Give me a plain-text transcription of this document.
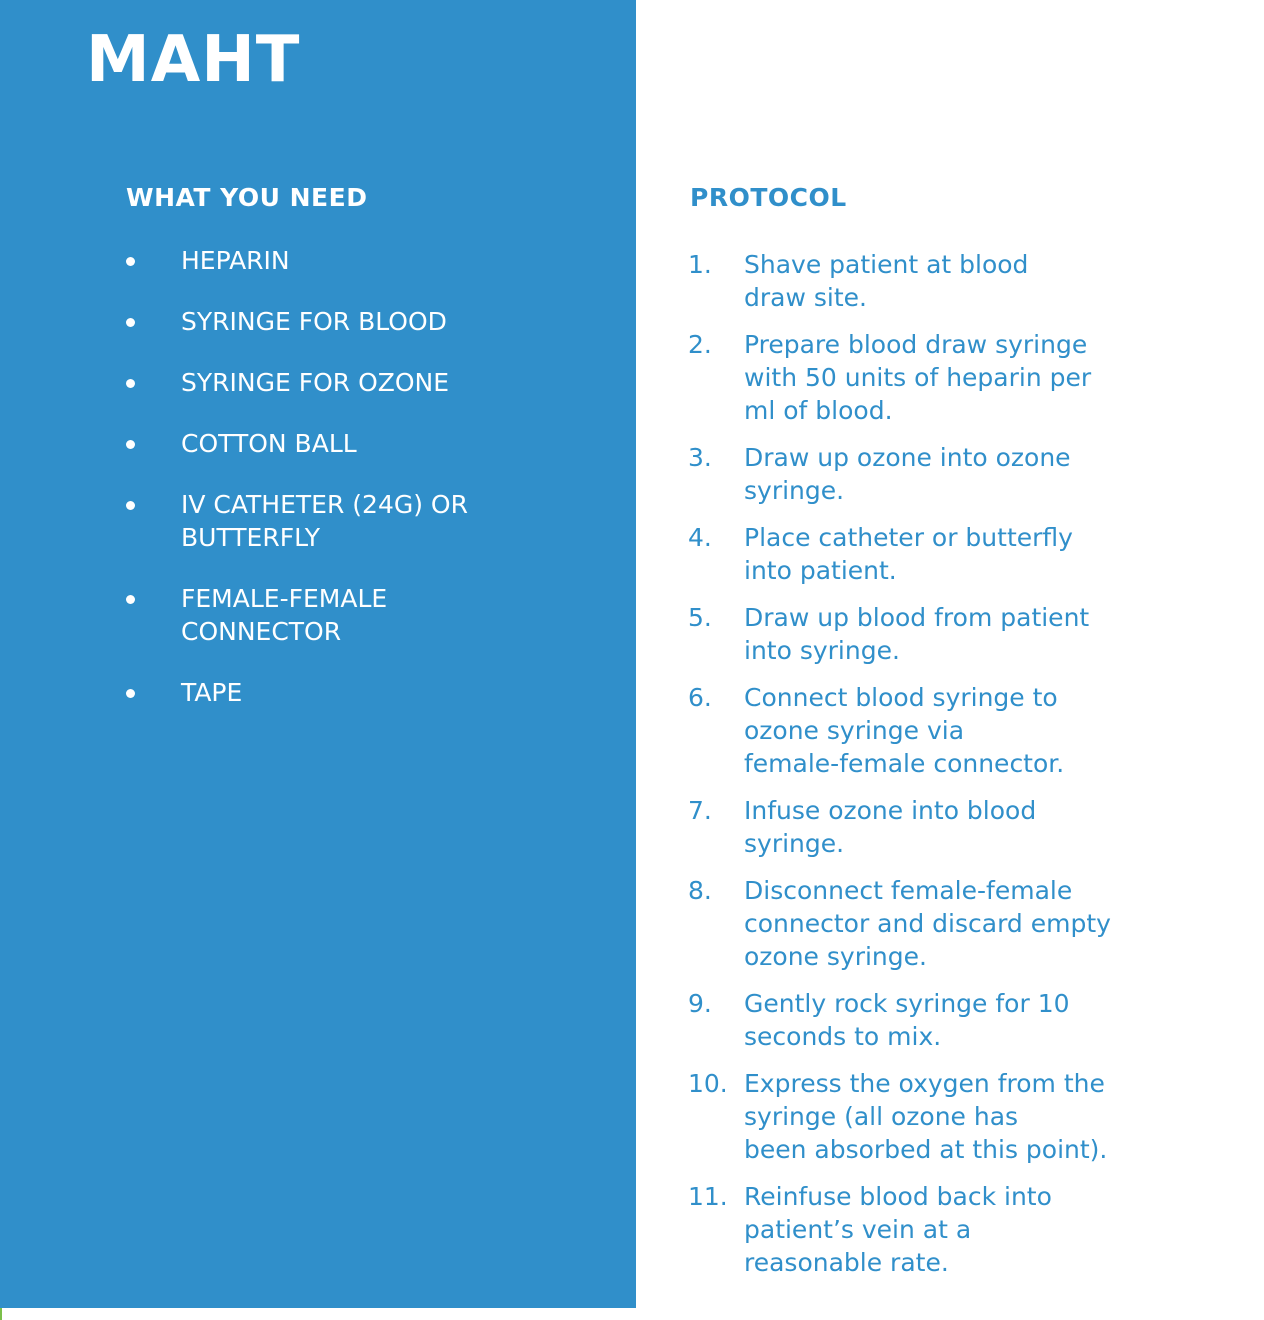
MAHT
WHAT YOU NEED
HEPARIN
SYRINGE FOR BLOOD
SYRINGE FOR OZONE
COTTON BALL
IV CATHETER (24G) OR
BUTTERFLY
FEMALE-FEMALE
CONNECTOR
TAPE
PROTOCOL
1. Shave patient at blood
draw site.
2. Prepare blood draw syringe
with 50 units of heparin per
ml of blood.
3. Draw up ozone into ozone
syringe.
4. Place catheter or butterfly
into patient.
5. Draw up blood from patient
into syringe.
6. Connect blood syringe to
ozone syringe via
female-female connector.
7. Infuse ozone into blood
syringe.
8. Disconnect female-female
connector and discard empty
ozone syringe.
9. Gently rock syringe for 10
seconds to mix.
10. Express the oxygen from the
syringe (all ozone has
been absorbed at this point).
11. Reinfuse blood back into
patient’s vein at a
reasonable rate.
